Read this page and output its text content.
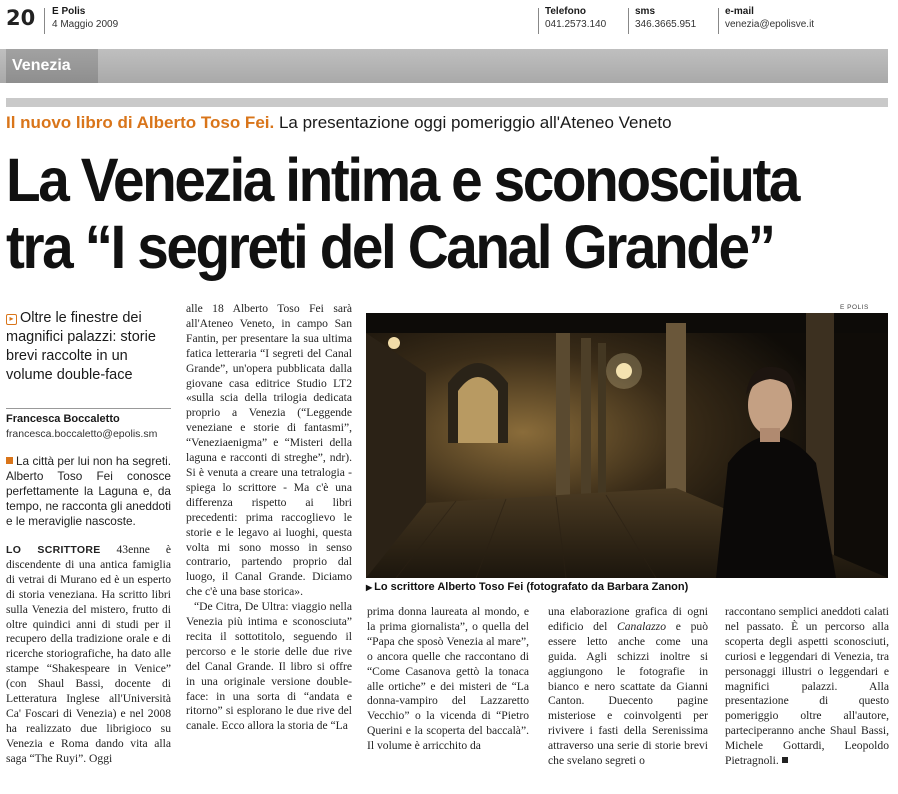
20 E Polis
4 Maggio 2009
Telefono
041.2573.140
sms
346.3665.951
e-mail
venezia@epolisve.it
Venezia
Il nuovo libro di Alberto Toso Fei. La presentazione oggi pomeriggio all'Ateneo Veneto
La Venezia intima e sconosciuta
tra “I segreti del Canal Grande”
▸ Oltre le finestre dei magnifici palazzi: storie brevi raccolte in un volume double-face
Francesca Boccaletto
francesca.boccaletto@epolis.sm

La città per lui non ha segreti. Alberto Toso Fei conosce perfettamente la Laguna e, da tempo, ne racconta gli aneddoti e le meraviglie nascoste.

LO SCRITTORE 43enne è discendente di una antica famiglia di vetrai di Murano ed è un esperto di storia veneziana. Ha scritto libri sulla Venezia del mistero, frutto di oltre quindici anni di studi per il recupero della tradizione orale e di ricerche storiografiche, ha dato alle stampe “Shakespeare in Venice” (con Shaul Bassi, docente di Letteratura Inglese all'Università Ca' Foscari di Venezia) e nel 2008 ha realizzato due librigioco su Venezia e Roma dando vita alla saga “The Ruyi”. Oggi

alle 18 Alberto Toso Fei sarà all'Ateneo Veneto, in campo San Fantin, per presentare la sua ultima fatica letteraria “I segreti del Canal Grande”, un'opera pubblicata dalla giovane casa editrice Studio LT2 «sulla scia della trilogia dedicata proprio a Venezia (“Leggende veneziane e storie di fantasmi”, “Veneziaenigma” e “Misteri della laguna e racconti di streghe”, ndr). Si è venuta a creare una tetralogia - spiega lo scrittore - Ma c'è una differenza rispetto ai libri precedenti: prima raccoglievo le storie e le legavo ai luoghi, questa volta mi sono mosso in senso contrario, partendo proprio dal luogo, il Canal Grande. Diciamo che c'è una base storica».

“De Citra, De Ultra: viaggio nella Venezia più intima e sconosciuta” recita il sottotitolo, seguendo il percorso e le storie delle due rive del Canal Grande. Il libro si offre in una originale versione double-face: in una sorta di “andata e ritorno” si esplorano le due rive del canale. Ecco allora la storia de “La

E POLIS
▶ Lo scrittore Alberto Toso Fei (fotografato da Barbara Zanon)

prima donna laureata al mondo, e la prima giornalista”, o quella del “Papa che sposò Venezia al mare”, o ancora quelle che raccontano di “Come Casanova gettò la tonaca alle ortiche” e dei misteri de “La donna-vampiro del Lazzaretto Vecchio” o la vicenda di “Pietro Querini e la scoperta del baccalà”. Il volume è arricchito da

una elaborazione grafica di ogni edificio del Canalazzo e può essere letto anche come una guida. Agli schizzi inoltre si aggiungono le fotografie in bianco e nero scattate da Gianni Canton. Duecento pagine misteriose e coinvolgenti per rivivere i fasti della Serenissima attraverso una serie di storie brevi che svelano segreti o

raccontano semplici aneddoti calati nel passato. È un percorso alla scoperta degli aspetti sconosciuti, curiosi e leggendari di Venezia, tra personaggi illustri o leggendari e magnifici palazzi. Alla presentazione di questo pomeriggio oltre all'autore, parteciperanno anche Shaul Bassi, Michele Gottardi, Leopoldo Pietragnoli.
